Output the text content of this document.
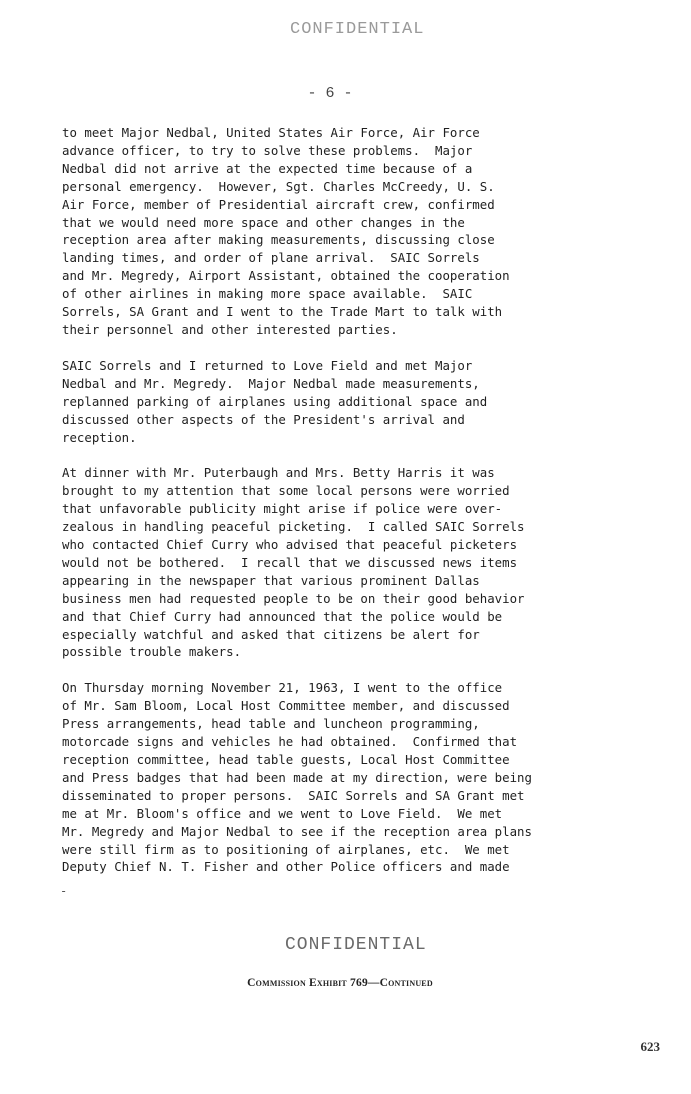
CONFIDENTIAL
- 6 -

to meet Major Nedbal, United States Air Force, Air Force
advance officer, to try to solve these problems.  Major
Nedbal did not arrive at the expected time because of a
personal emergency.  However, Sgt. Charles McCreedy, U. S.
Air Force, member of Presidential aircraft crew, confirmed
that we would need more space and other changes in the
reception area after making measurements, discussing close
landing times, and order of plane arrival.  SAIC Sorrels
and Mr. Megredy, Airport Assistant, obtained the cooperation
of other airlines in making more space available.  SAIC
Sorrels, SA Grant and I went to the Trade Mart to talk with
their personnel and other interested parties.

SAIC Sorrels and I returned to Love Field and met Major
Nedbal and Mr. Megredy.  Major Nedbal made measurements,
replanned parking of airplanes using additional space and
discussed other aspects of the President's arrival and
reception.

At dinner with Mr. Puterbaugh and Mrs. Betty Harris it was
brought to my attention that some local persons were worried
that unfavorable publicity might arise if police were over-
zealous in handling peaceful picketing.  I called SAIC Sorrels
who contacted Chief Curry who advised that peaceful picketers
would not be bothered.  I recall that we discussed news items
appearing in the newspaper that various prominent Dallas
business men had requested people to be on their good behavior
and that Chief Curry had announced that the police would be
especially watchful and asked that citizens be alert for
possible trouble makers.

On Thursday morning November 21, 1963, I went to the office
of Mr. Sam Bloom, Local Host Committee member, and discussed
Press arrangements, head table and luncheon programming,
motorcade signs and vehicles he had obtained.  Confirmed that
reception committee, head table guests, Local Host Committee
and Press badges that had been made at my direction, were being
disseminated to proper persons.  SAIC Sorrels and SA Grant met
me at Mr. Bloom's office and we went to Love Field.  We met
Mr. Megredy and Major Nedbal to see if the reception area plans
were still firm as to positioning of airplanes, etc.  We met
Deputy Chief N. T. Fisher and other Police officers and made

-
CONFIDENTIAL
Commission Exhibit 769—Continued
623
